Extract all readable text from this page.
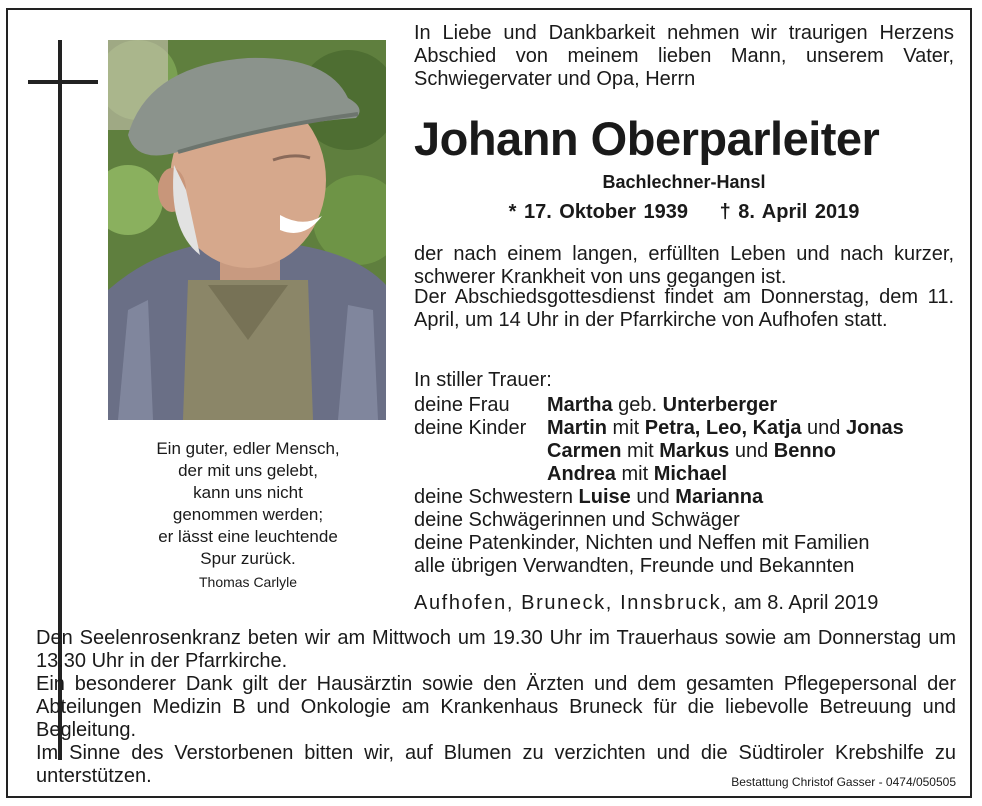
Ein guter, edler Mensch,
der mit uns gelebt,
kann uns nicht
genommen werden;
er lässt eine leuchtende
Spur zurück.
Thomas Carlyle
In Liebe und Dankbarkeit nehmen wir traurigen Herzens Abschied von meinem lieben Mann, unserem Vater, Schwiegervater und Opa, Herrn
Johann Oberparleiter
Bachlechner-Hansl
* 17. Oktober 1939 † 8. April 2019
der nach einem langen, erfüllten Leben und nach kurzer, schwerer Krankheit von uns gegangen ist.
Der Abschiedsgottesdienst findet am Donnerstag, dem 11. April, um 14 Uhr in der Pfarrkirche von Aufhofen statt.
In stiller Trauer:
deine Frau Martha geb. Unterberger
deine Kinder Martin mit Petra, Leo, Katja und Jonas
Carmen mit Markus und Benno
Andrea mit Michael
deine Schwestern Luise und Marianna
deine Schwägerinnen und Schwäger
deine Patenkinder, Nichten und Neffen mit Familien
alle übrigen Verwandten, Freunde und Bekannten
Aufhofen, Bruneck, Innsbruck, am 8. April 2019

Den Seelenrosenkranz beten wir am Mittwoch um 19.30 Uhr im Trauerhaus sowie am Donnerstag um 13.30 Uhr in der Pfarrkirche.

Ein besonderer Dank gilt der Hausärztin sowie den Ärzten und dem gesamten Pflegepersonal der Abteilungen Medizin B und Onkologie am Krankenhaus Bruneck für die liebevolle Betreuung und Begleitung.

Im Sinne des Verstorbenen bitten wir, auf Blumen zu verzichten und die Südtiroler Krebshilfe zu unterstützen.	Bestattung Christof Gasser - 0474/050505
